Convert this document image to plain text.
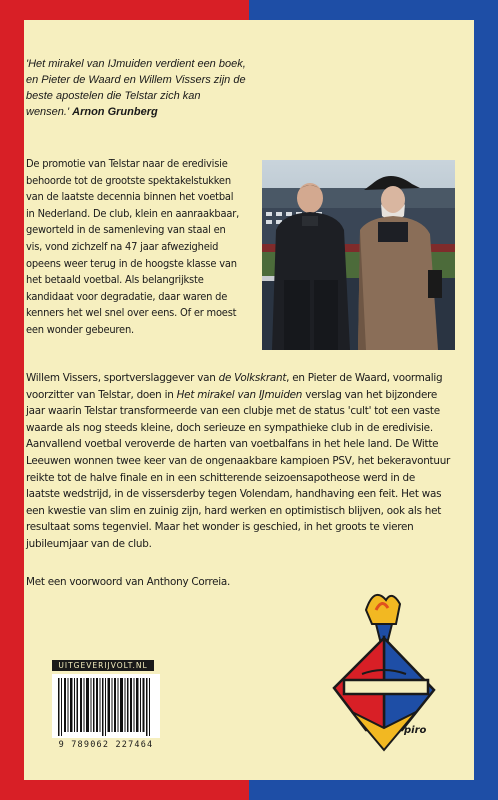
'Het mirakel van IJmuiden verdient een boek, en Pieter de Waard en Willem Vissers zijn de beste apostelen die Telstar zich kan wensen.' Arnon Grunberg
De promotie van Telstar naar de eredivisie behoorde tot de grootste spektakelstukken van de laatste decennia binnen het voetbal in Nederland. De club, klein en aanraakbaar, geworteld in de samenleving van staal en vis, vond zichzelf na 47 jaar afwezigheid opeens weer terug in de hoogste klasse van het betaald voetbal. Als belangrijkste kandidaat voor degradatie, daar waren de kenners het wel snel over eens. Of er moest een wonder gebeuren.
Willem Vissers, sportverslaggever van de Volkskrant, en Pieter de Waard, voormalig voorzitter van Telstar, doen in Het mirakel van IJmuiden verslag van het bijzondere jaar waarin Telstar transformeerde van een clubje met de status 'cult' tot een vaste waarde als nog steeds kleine, doch serieuze en sympathieke club in de eredivisie. Aanvallend voetbal veroverde de harten van voetbalfans in het hele land. De Witte Leeuwen wonnen twee keer van de ongenaakbare kampioen PSV, het bekeravontuur reikte tot de halve finale en in een schitterende seizoensapotheose werd in de laatste wedstrijd, in de vissersderby tegen Volendam, handhaving een feit. Het was een kwestie van slim en zuinig zijn, hard werken en optimistisch blijven, ook als het resultaat soms tegenviel. Maar het wonder is geschied, in het groots te vieren jubileumjaar van de club.
Met een voorwoord van Anthony Correia.
UITGEVERIJVOLT.NL
9 789062 227464
piro
